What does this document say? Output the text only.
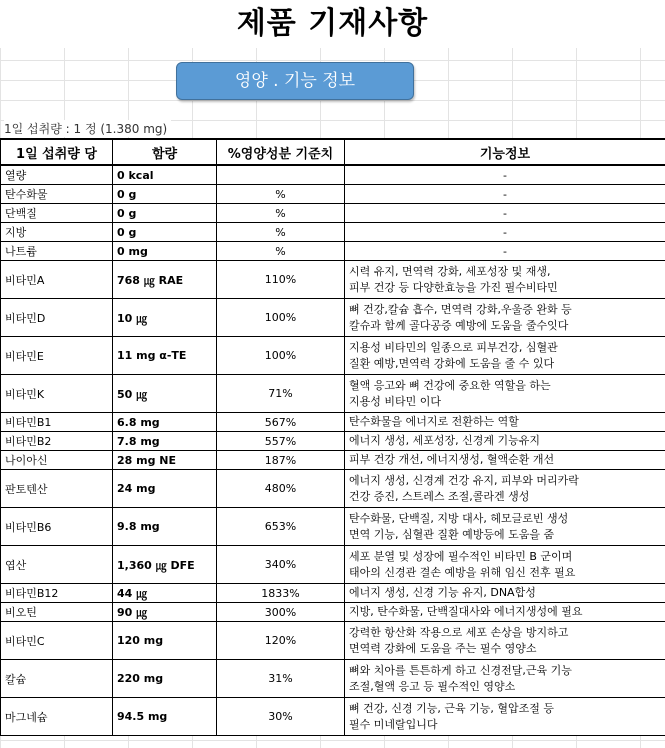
제품 기재사항
영양 . 기능 정보
1일 섭취량 : 1 정 (1.380 mg)
1일 섭취량 당	함량	%영양성분 기준치	기능정보
열량	0 kcal		-
탄수화물	0 g	%	-
단백질	0 g	%	-
지방	0 g	%	-
나트륨	0 mg	%	-
비타민A	768 ㎍ RAE	110%	시력 유지, 면역력 강화, 세포성장 및 재생,
피부 건강 등 다양한효능을 가진 필수비타민
비타민D	10 ㎍	100%	뼈 건강,칼슘 흡수, 면역력 강화,우울증 완화 등
칼슈과 함께 골다공증 예방에 도움을 줄수잇다
비타민E	11 mg α-TE	100%	지용성 비타민의 일종으로 피부건강, 심혈관
질환 예방,면역력 강화에 도움을 줄 수 있다
비타민K	50 ㎍	71%	혈액 응고와 뼈 건강에 중요한 역할을 하는
지용성 비타민 이다
비타민B1	6.8 mg	567%	탄수화물을 에너지로 전환하는 역할
비타민B2	7.8 mg	557%	에너지 생성, 세포성장, 신경계 기능유지
나이아신	28 mg NE	187%	피부 건강 개선, 에너지생성, 혈액순환 개선
판토텐산	24 mg	480%	에너지 생성, 신경계 건강 유지, 피부와 머리카락
건강 증진, 스트레스 조절,콜라겐 생성
비타민B6	9.8 mg	653%	탄수화물, 단백질, 지방 대사, 헤모글로빈 생성
면역 기능, 심혈관 질환 예방등에 도움을 줌
엽산	1,360 ㎍ DFE	340%	세포 분열 및 성장에 필수적인 비타민 B 군이며
태아의 신경관 결손 예방을 위해 임신 전후 필요
비타민B12	44 ㎍	1833%	에너지 생성, 신경 기능 유지, DNA합성
비오틴	90 ㎍	300%	지방, 탄수화물, 단백질대사와 에너지생성에 필요
비타민C	120 mg	120%	강력한 항산화 작용으로 세포 손상을 방지하고
면역력 강화에 도움을 주는 필수 영양소
칼슘	220 mg	31%	뼈와 치아를 튼튼하게 하고 신경전달,근육 기능
조절,혈액 응고 등 필수적인 영양소
마그네슘	94.5 mg	30%	뼈 건강, 신경 기능, 근육 기능, 혈압조절 등
필수 미네랄입니다
